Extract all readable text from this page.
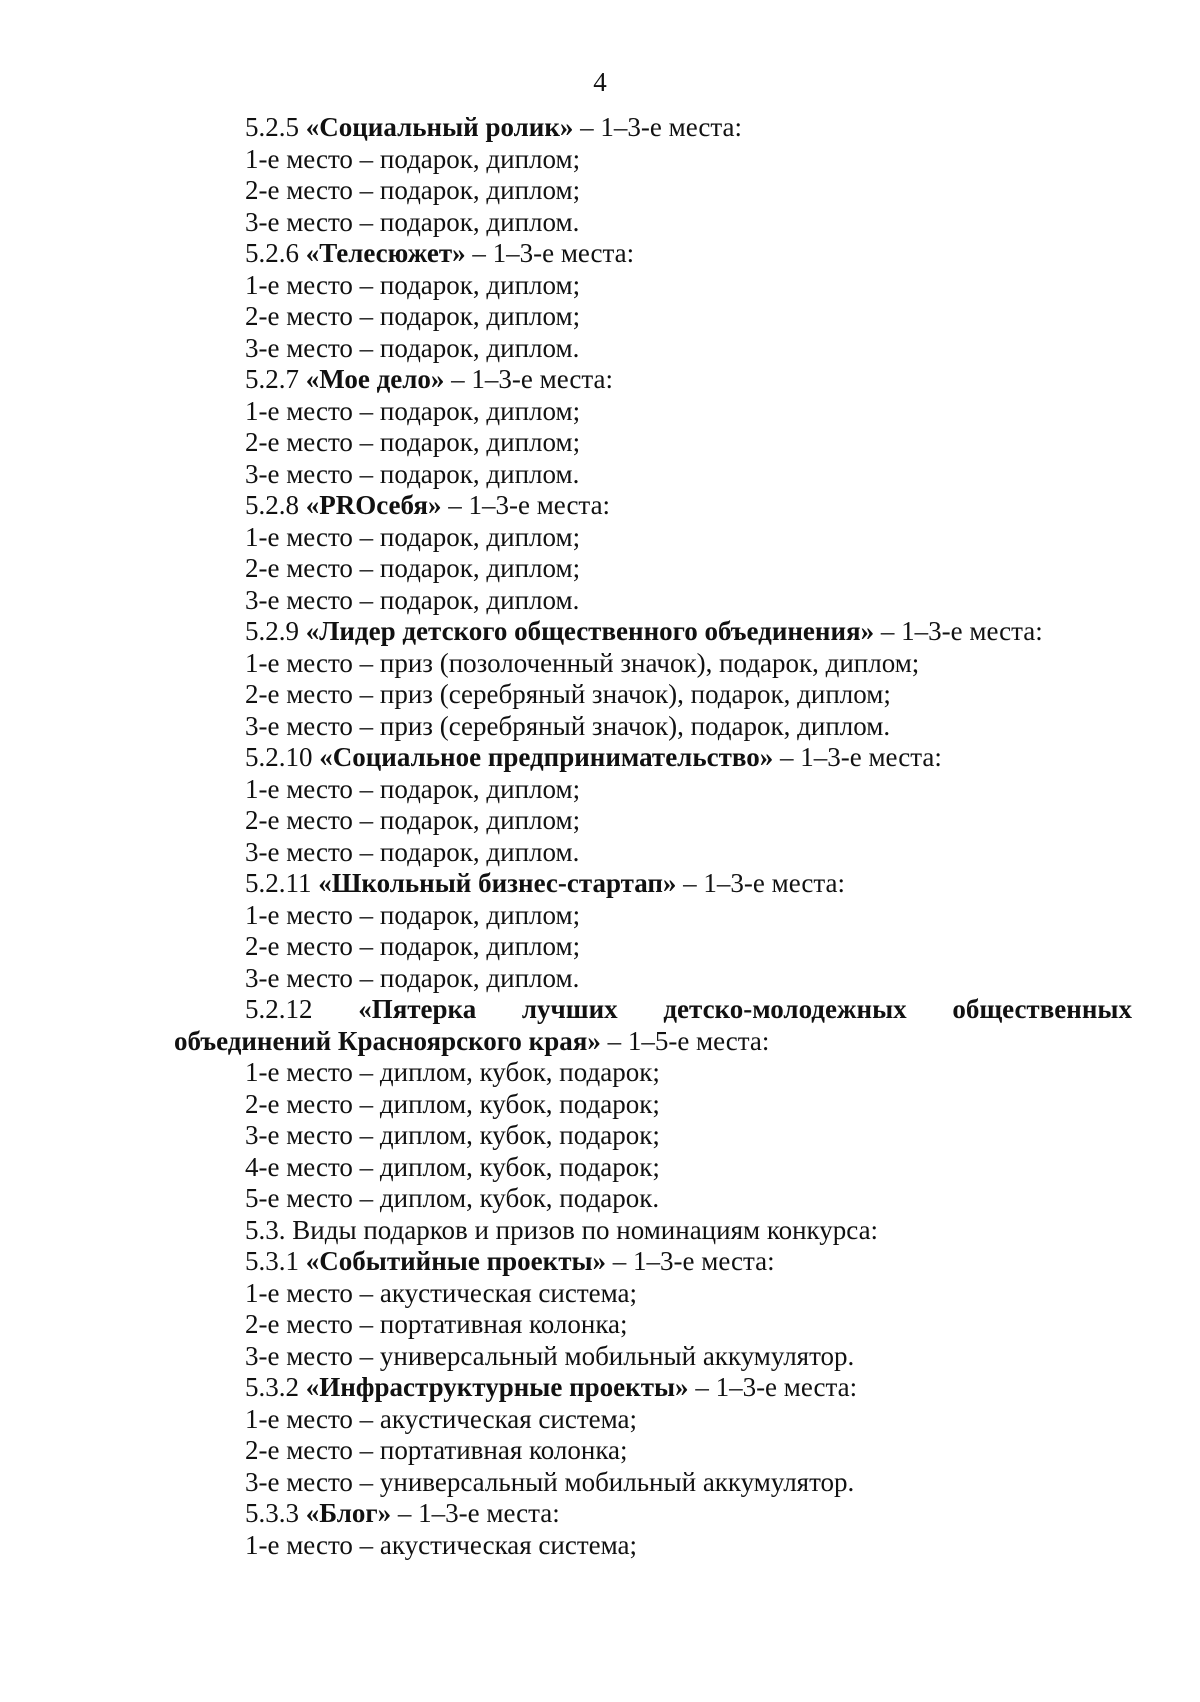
4
5.2.5 «Социальный ролик» – 1–3-е места:
1-е место – подарок, диплом;
2-е место – подарок, диплом;
3-е место – подарок, диплом.
5.2.6 «Телесюжет» – 1–3-е места:
1-е место – подарок, диплом;
2-е место – подарок, диплом;
3-е место – подарок, диплом.
5.2.7 «Мое дело» – 1–3-е места:
1-е место – подарок, диплом;
2-е место – подарок, диплом;
3-е место – подарок, диплом.
5.2.8 «PROсебя» – 1–3-е места:
1-е место – подарок, диплом;
2-е место – подарок, диплом;
3-е место – подарок, диплом.
5.2.9 «Лидер детского общественного объединения» – 1–3-е места:
1-е место – приз (позолоченный значок), подарок, диплом;
2-е место – приз (серебряный значок), подарок, диплом;
3-е место – приз (серебряный значок), подарок, диплом.
5.2.10 «Социальное предпринимательство» – 1–3-е места:
1-е место – подарок, диплом;
2-е место – подарок, диплом;
3-е место – подарок, диплом.
5.2.11 «Школьный бизнес-стартап» – 1–3-е места:
1-е место – подарок, диплом;
2-е место – подарок, диплом;
3-е место – подарок, диплом.
5.2.12 «Пятерка лучших детско-молодежных общественных
объединений Красноярского края» – 1–5-е места:
1-е место – диплом, кубок, подарок;
2-е место – диплом, кубок, подарок;
3-е место – диплом, кубок, подарок;
4-е место – диплом, кубок, подарок;
5-е место – диплом, кубок, подарок.
5.3. Виды подарков и призов по номинациям конкурса:
5.3.1 «Событийные проекты» – 1–3-е места:
1-е место – акустическая система;
2-е место – портативная колонка;
3-е место – универсальный мобильный аккумулятор.
5.3.2 «Инфраструктурные проекты» – 1–3-е места:
1-е место – акустическая система;
2-е место – портативная колонка;
3-е место – универсальный мобильный аккумулятор.
5.3.3 «Блог» – 1–3-е места:
1-е место – акустическая система;
